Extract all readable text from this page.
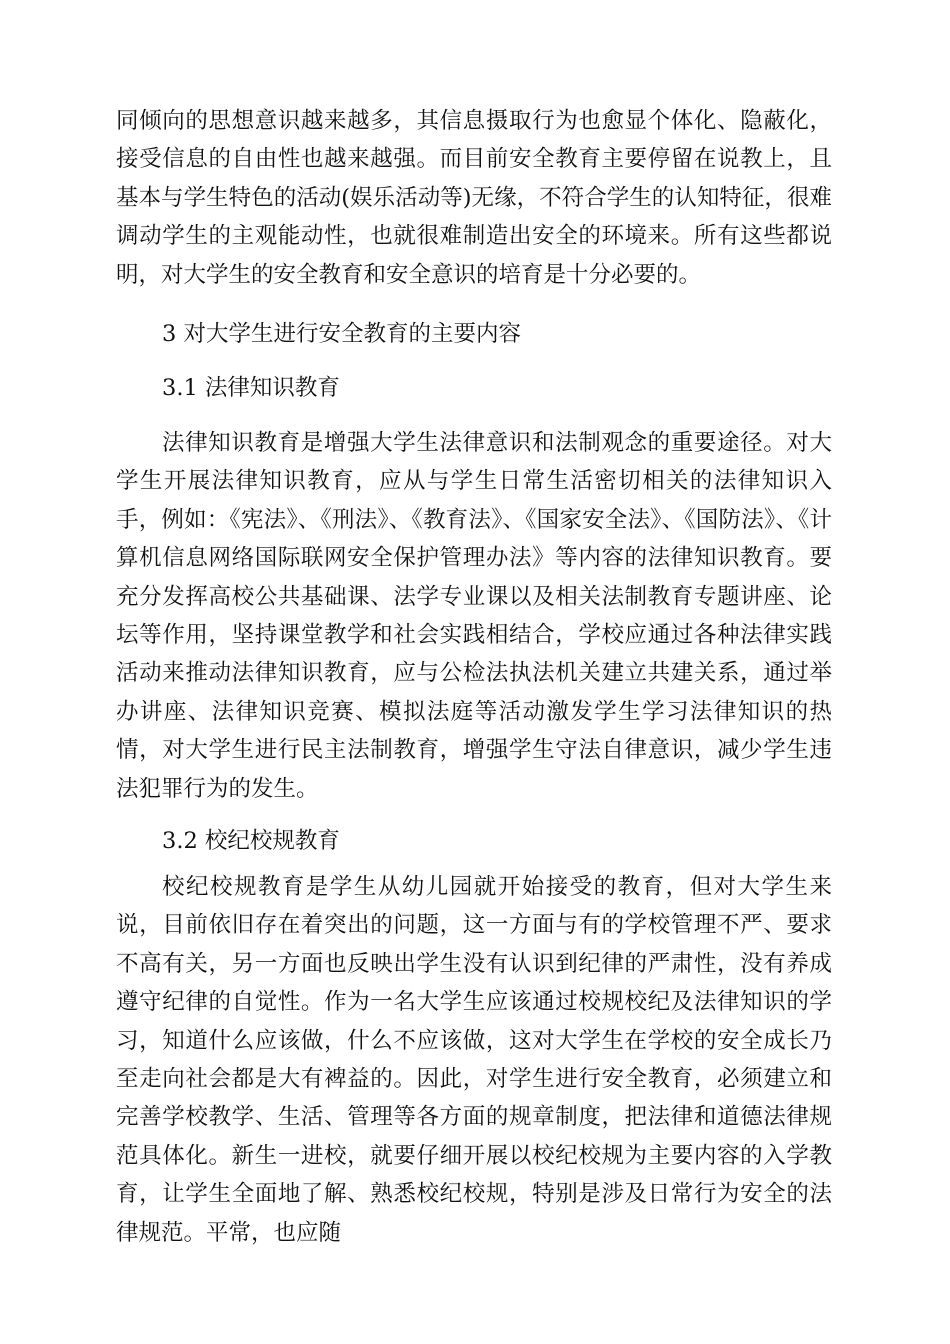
同倾向的思想意识越来越多，其信息摄取行为也愈显个体化、隐蔽化，接受信息的自由性也越来越强。而目前安全教育主要停留在说教上，且基本与学生特色的活动(娱乐活动等)无缘，不符合学生的认知特征，很难调动学生的主观能动性，也就很难制造出安全的环境来。所有这些都说明，对大学生的安全教育和安全意识的培育是十分必要的。

3 对大学生进行安全教育的主要内容

3.1 法律知识教育

法律知识教育是增强大学生法律意识和法制观念的重要途径。对大学生开展法律知识教育，应从与学生日常生活密切相关的法律知识入手，例如：《宪法》、《刑法》、《教育法》、《国家安全法》、《国防法》、《计算机信息网络国际联网安全保护管理办法》等内容的法律知识教育。要充分发挥高校公共基础课、法学专业课以及相关法制教育专题讲座、论坛等作用，坚持课堂教学和社会实践相结合，学校应通过各种法律实践活动来推动法律知识教育，应与公检法执法机关建立共建关系，通过举办讲座、法律知识竞赛、模拟法庭等活动激发学生学习法律知识的热情，对大学生进行民主法制教育，增强学生守法自律意识，减少学生违法犯罪行为的发生。

3.2 校纪校规教育

校纪校规教育是学生从幼儿园就开始接受的教育，但对大学生来说，目前依旧存在着突出的问题，这一方面与有的学校管理不严、要求不高有关，另一方面也反映出学生没有认识到纪律的严肃性，没有养成遵守纪律的自觉性。作为一名大学生应该通过校规校纪及法律知识的学习，知道什么应该做，什么不应该做，这对大学生在学校的安全成长乃至走向社会都是大有裨益的。因此，对学生进行安全教育，必须建立和完善学校教学、生活、管理等各方面的规章制度，把法律和道德法律规范具体化。新生一进校，就要仔细开展以校纪校规为主要内容的入学教育，让学生全面地了解、熟悉校纪校规，特别是涉及日常行为安全的法律规范。平常，也应随
